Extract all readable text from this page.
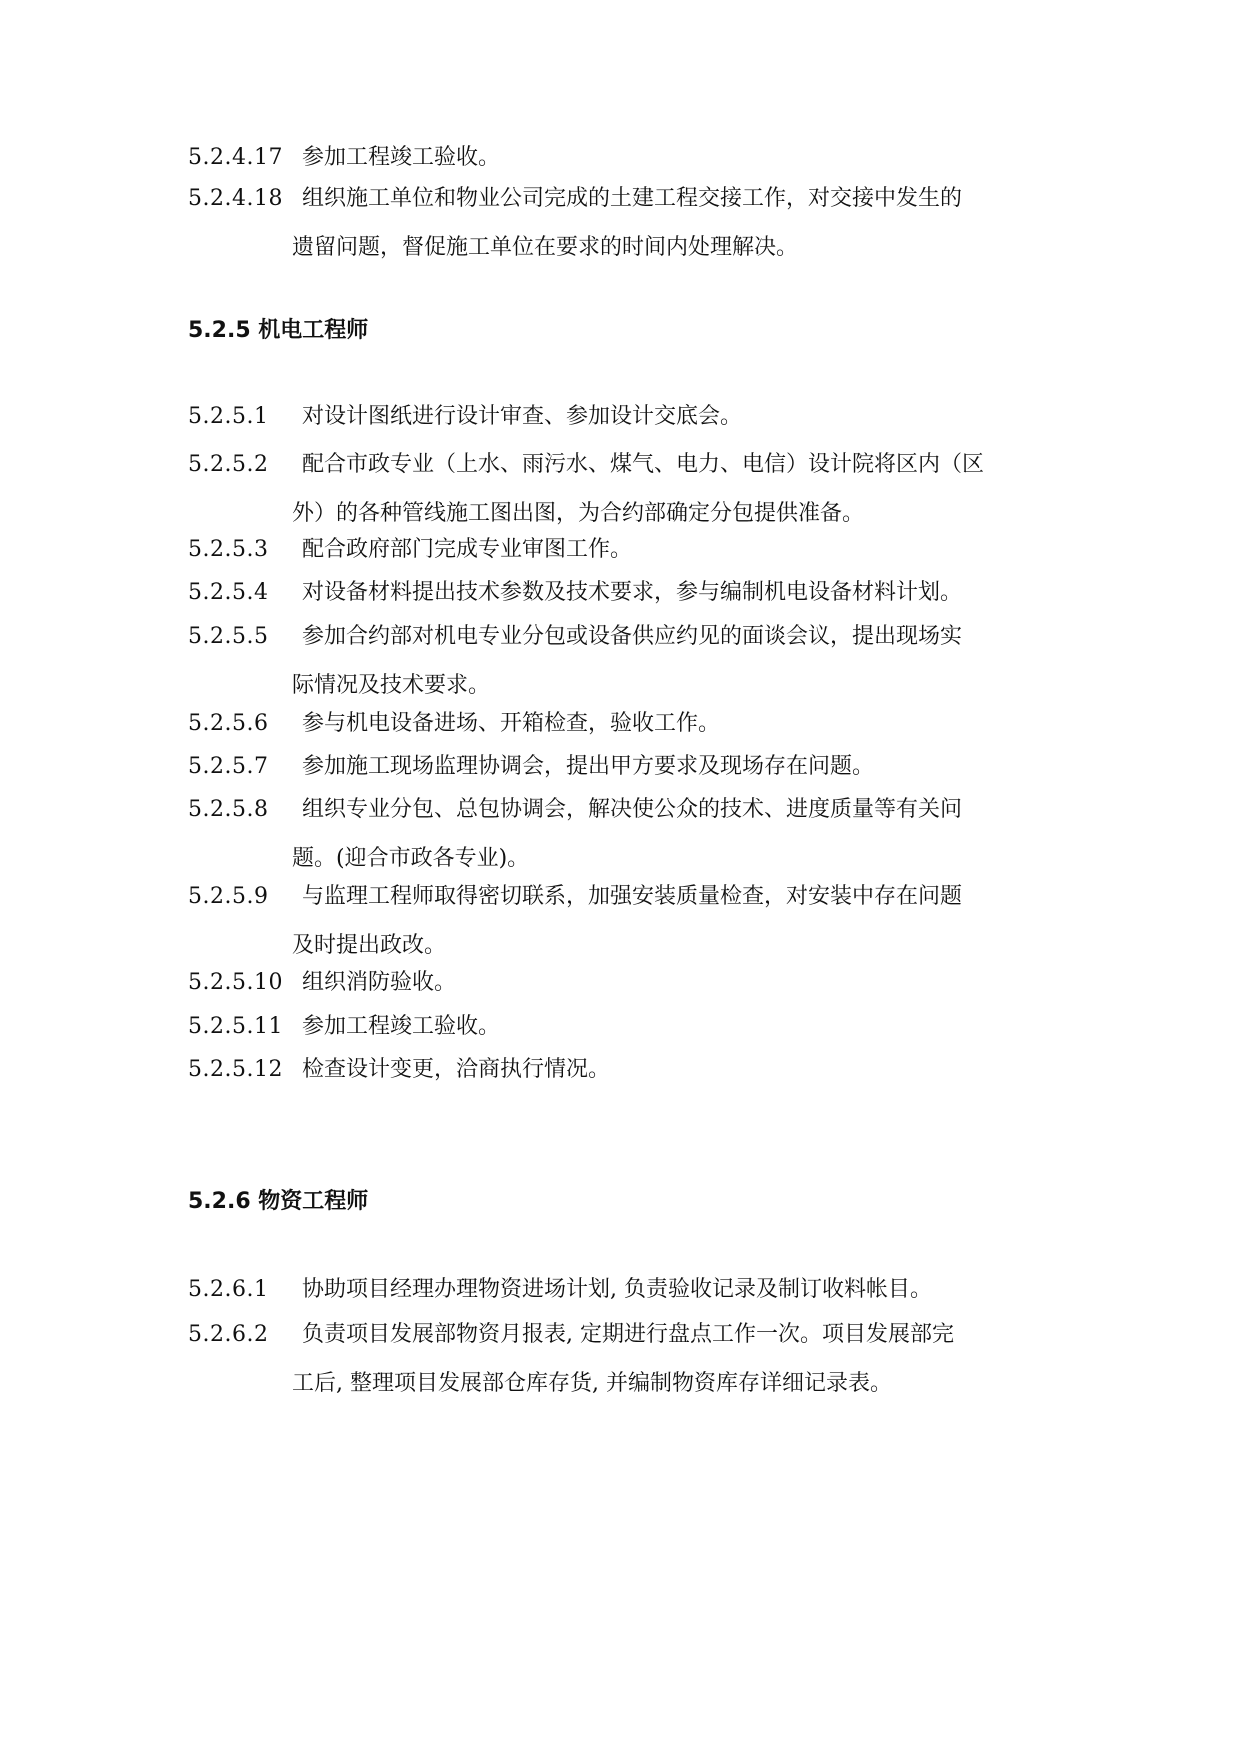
5.2.4.17 参加工程竣工验收。
5.2.4.18 组织施工单位和物业公司完成的土建工程交接工作，对交接中发生的
遗留问题，督促施工单位在要求的时间内处理解决。
5.2.5 机电工程师
5.2.5.1 对设计图纸进行设计审查、参加设计交底会。
5.2.5.2 配合市政专业（上水、雨污水、煤气、电力、电信）设计院将区内（区
外）的各种管线施工图出图，为合约部确定分包提供准备。
5.2.5.3 配合政府部门完成专业审图工作。
5.2.5.4 对设备材料提出技术参数及技术要求，参与编制机电设备材料计划。
5.2.5.5 参加合约部对机电专业分包或设备供应约见的面谈会议，提出现场实
际情况及技术要求。
5.2.5.6 参与机电设备进场、开箱检查，验收工作。
5.2.5.7 参加施工现场监理协调会，提出甲方要求及现场存在问题。
5.2.5.8 组织专业分包、总包协调会，解决使公众的技术、进度质量等有关问
题。(迎合市政各专业)。
5.2.5.9 与监理工程师取得密切联系，加强安装质量检查，对安装中存在问题
及时提出政改。
5.2.5.10 组织消防验收。
5.2.5.11 参加工程竣工验收。
5.2.5.12 检查设计变更，洽商执行情况。
5.2.6 物资工程师
5.2.6.1 协助项目经理办理物资进场计划, 负责验收记录及制订收料帐目。
5.2.6.2 负责项目发展部物资月报表, 定期进行盘点工作一次。项目发展部完
工后, 整理项目发展部仓库存货, 并编制物资库存详细记录表。
